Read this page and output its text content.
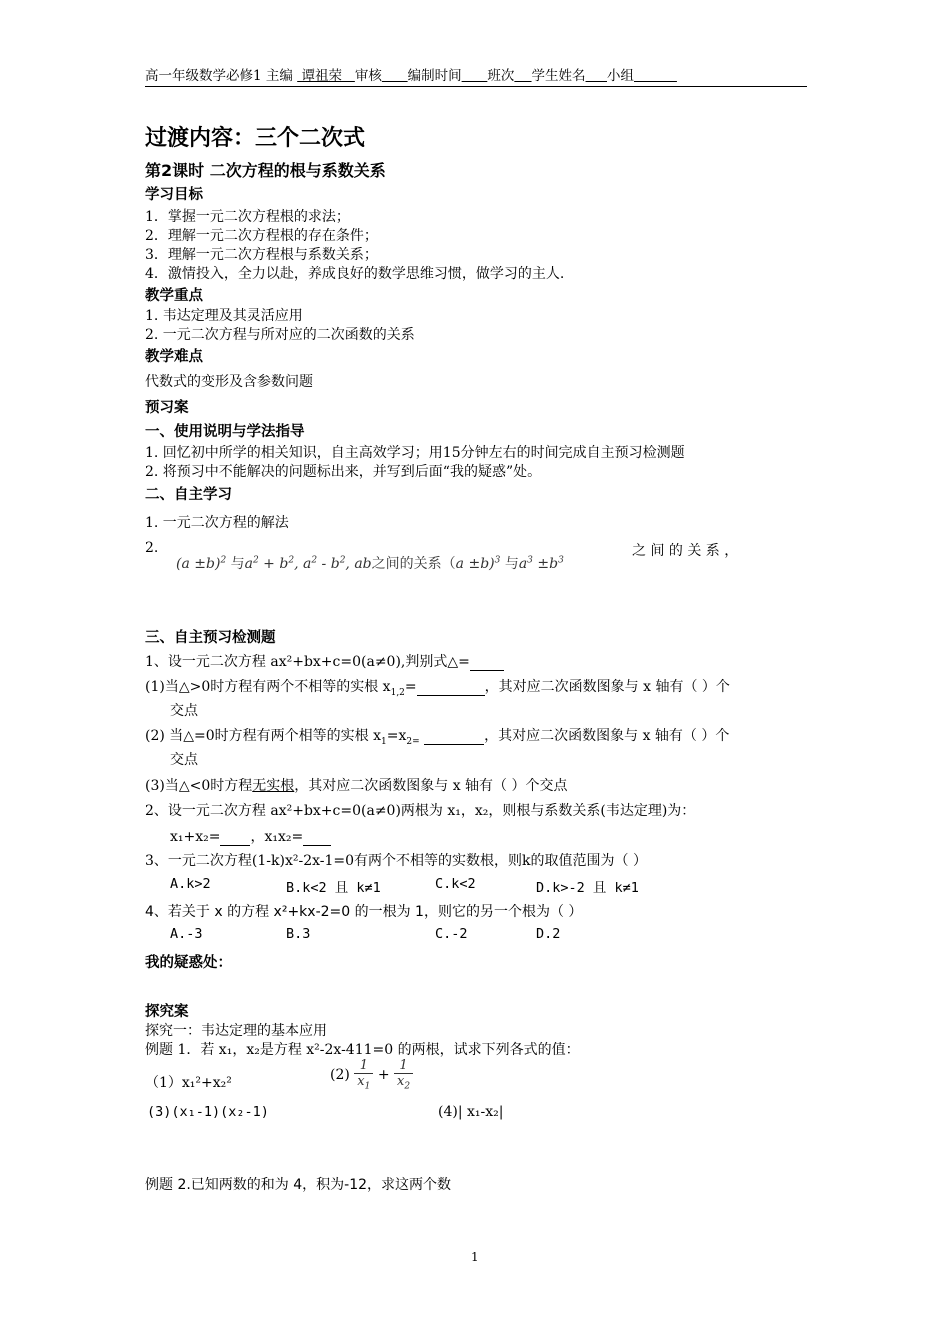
高一年级数学必修1 主编 谭祖荣 审核 编制时间 班次 学生姓名 小组
过渡内容：三个二次式
第2课时 二次方程的根与系数关系
学习目标
1．掌握一元二次方程根的求法；
2．理解一元二次方程根的存在条件；
3．理解一元二次方程根与系数关系；
4．激情投入，全力以赴，养成良好的数学思维习惯，做学习的主人.
教学重点
1. 韦达定理及其灵活应用
2. 一元二次方程与所对应的二次函数的关系
教学难点
代数式的变形及含参数问题
预习案
一、使用说明与学法指导
1. 回忆初中所学的相关知识，自主高效学习；用15分钟左右的时间完成自主预习检测题
2. 将预习中不能解决的问题标出来，并写到后面“我的疑惑”处。
二、自主学习
1. 一元二次方程的解法
2.
$(a \pm b)^2$ 与$a^2 + b^2$, $a^2 - b^2$, ab之间的关系（a ±b)$^3$ 与$a^3 \pm b^3$
之 间 的 关 系 ，
三、自主预习检测题
1、设一元二次方程 ax²+bx+c=0(a≠0),判别式△=
(1)当△>0时方程有两个不相等的实根 $x_{1,2}=$	，其对应二次函数图象与 x 轴有（ ）个
交点
(2) 当△=0时方程有两个相等的实根 $x_1=x_{2=}$	，其对应二次函数图象与 x 轴有（ ）个
交点
(3)当△<0时方程无实根，其对应二次函数图象与 x 轴有（ ）个交点
2、设一元二次方程 ax²+bx+c=0(a≠0)两根为 x₁，x₂，则根与系数关系(韦达定理)为：
x₁+x₂= ，x₁x₂=
3、一元二次方程(1-k)x²-2x-1=0有两个不相等的实数根，则k的取值范围为（ ）
A.k>2	B.k<2 且 k≠1	C.k<2	D.k>-2 且 k≠1
4、若关于 x 的方程 x²+kx-2=0 的一根为 1，则它的另一个根为（ ）
A.-3	B.3	C.-2	D.2
我的疑惑处：
探究案
探究一：韦达定理的基本应用
例题 1．若 x₁，x₂是方程 x²-2x-411=0 的两根，试求下列各式的值：
（1）x₁²+x₂²
$(2) \frac{1}{x_1} + \frac{1}{x_2}$
(3)(x₁-1)(x₂-1)	(4)| x₁-x₂|
例题 2.已知两数的和为 4，积为-12，求这两个数
1
